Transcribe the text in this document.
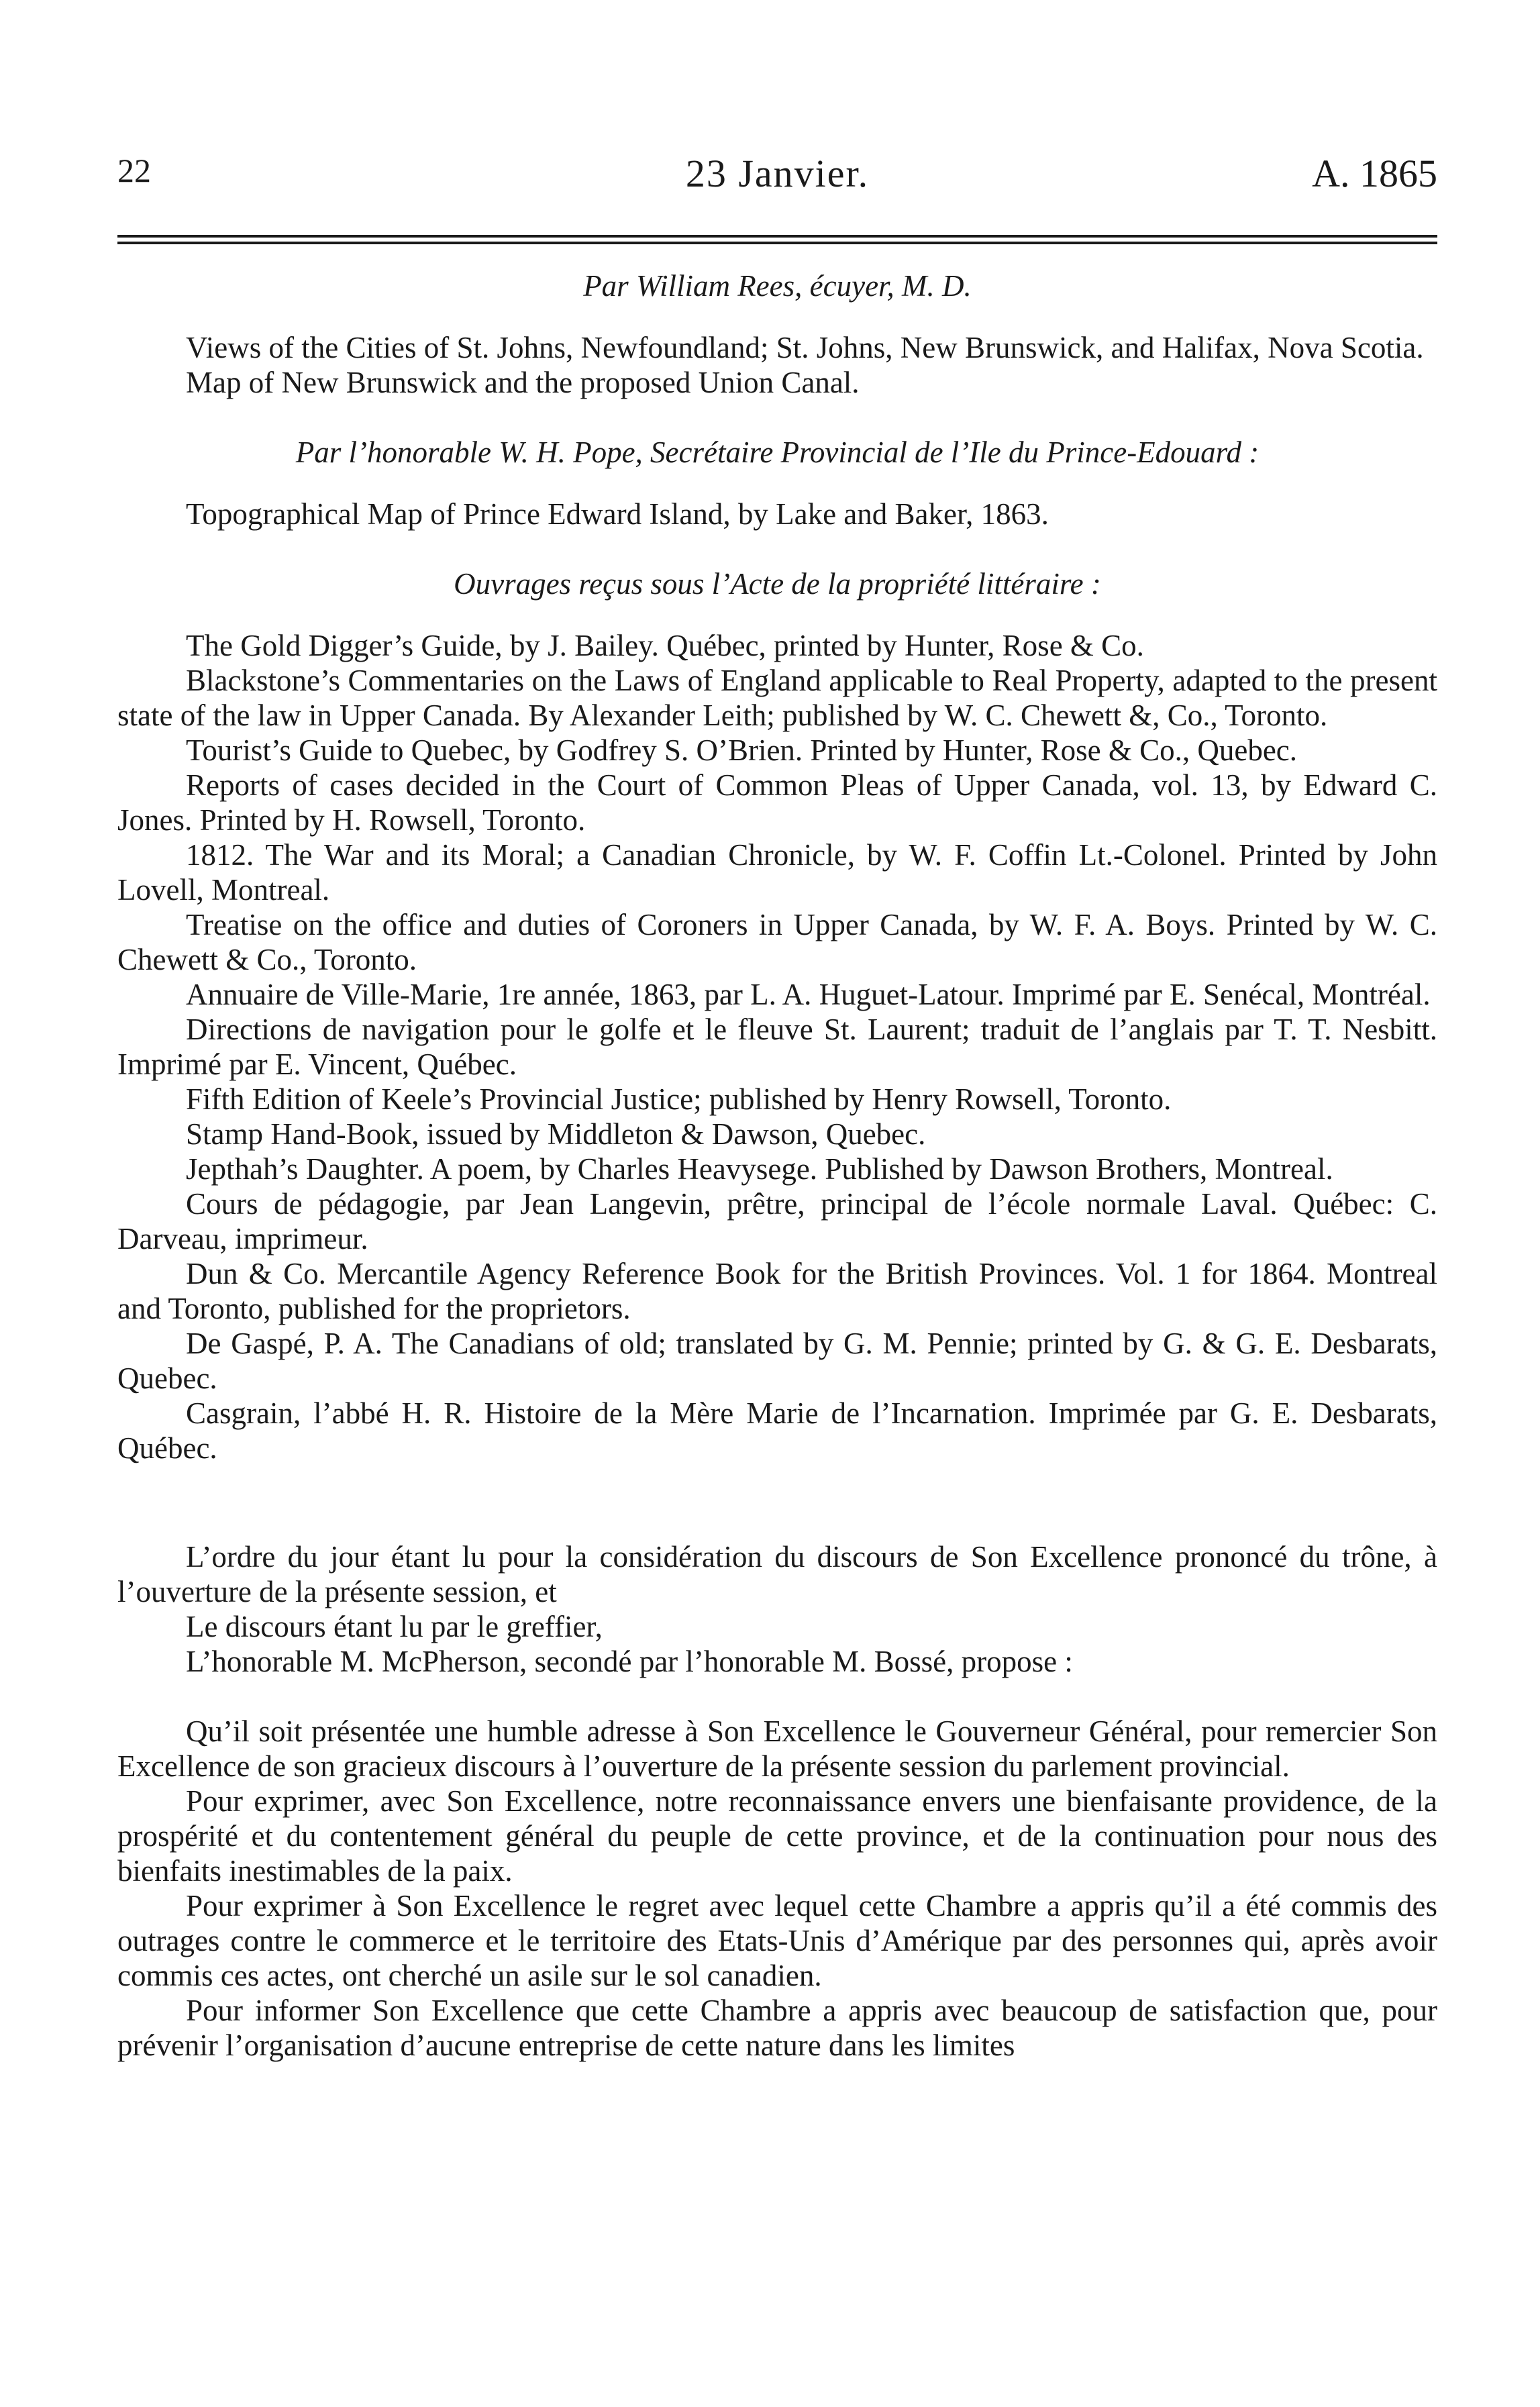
22	23 Janvier.	A. 1865

Par William Rees, écuyer, M. D.

Views of the Cities of St. Johns, Newfoundland; St. Johns, New Brunswick, and Halifax, Nova Scotia.

Map of New Brunswick and the proposed Union Canal.

Par l’honorable W. H. Pope, Secrétaire Provincial de l’Ile du Prince-Edouard :

Topographical Map of Prince Edward Island, by Lake and Baker, 1863.

Ouvrages reçus sous l’Acte de la propriété littéraire :

The Gold Digger’s Guide, by J. Bailey. Québec, printed by Hunter, Rose & Co.

Blackstone’s Commentaries on the Laws of England applicable to Real Property, adapted to the present state of the law in Upper Canada. By Alexander Leith; published by W. C. Chewett &, Co., Toronto.

Tourist’s Guide to Quebec, by Godfrey S. O’Brien. Printed by Hunter, Rose & Co., Quebec.

Reports of cases decided in the Court of Common Pleas of Upper Canada, vol. 13, by Edward C. Jones. Printed by H. Rowsell, Toronto.

1812. The War and its Moral; a Canadian Chronicle, by W. F. Coffin Lt.-Colonel. Printed by John Lovell, Montreal.

Treatise on the office and duties of Coroners in Upper Canada, by W. F. A. Boys. Printed by W. C. Chewett & Co., Toronto.

Annuaire de Ville-Marie, 1re année, 1863, par L. A. Huguet-Latour. Imprimé par E. Senécal, Montréal.

Directions de navigation pour le golfe et le fleuve St. Laurent; traduit de l’anglais par T. T. Nesbitt. Imprimé par E. Vincent, Québec.

Fifth Edition of Keele’s Provincial Justice; published by Henry Rowsell, Toronto.

Stamp Hand-Book, issued by Middleton & Dawson, Quebec.

Jepthah’s Daughter. A poem, by Charles Heavysege. Published by Dawson Brothers, Montreal.

Cours de pédagogie, par Jean Langevin, prêtre, principal de l’école normale Laval. Québec: C. Darveau, imprimeur.

Dun & Co. Mercantile Agency Reference Book for the British Provinces. Vol. 1 for 1864. Montreal and Toronto, published for the proprietors.

De Gaspé, P. A. The Canadians of old; translated by G. M. Pennie; printed by G. & G. E. Desbarats, Quebec.

Casgrain, l’abbé H. R. Histoire de la Mère Marie de l’Incarnation. Imprimée par G. E. Desbarats, Québec.

L’ordre du jour étant lu pour la considération du discours de Son Excellence prononcé du trône, à l’ouverture de la présente session, et

Le discours étant lu par le greffier,

L’honorable M. McPherson, secondé par l’honorable M. Bossé, propose :

Qu’il soit présentée une humble adresse à Son Excellence le Gouverneur Général, pour remercier Son Excellence de son gracieux discours à l’ouverture de la présente session du parlement provincial.

Pour exprimer, avec Son Excellence, notre reconnaissance envers une bienfaisante providence, de la prospérité et du contentement général du peuple de cette province, et de la continuation pour nous des bienfaits inestimables de la paix.

Pour exprimer à Son Excellence le regret avec lequel cette Chambre a appris qu’il a été commis des outrages contre le commerce et le territoire des Etats-Unis d’Amérique par des personnes qui, après avoir commis ces actes, ont cherché un asile sur le sol canadien.

Pour informer Son Excellence que cette Chambre a appris avec beaucoup de satisfaction que, pour prévenir l’organisation d’aucune entreprise de cette nature dans les limites
